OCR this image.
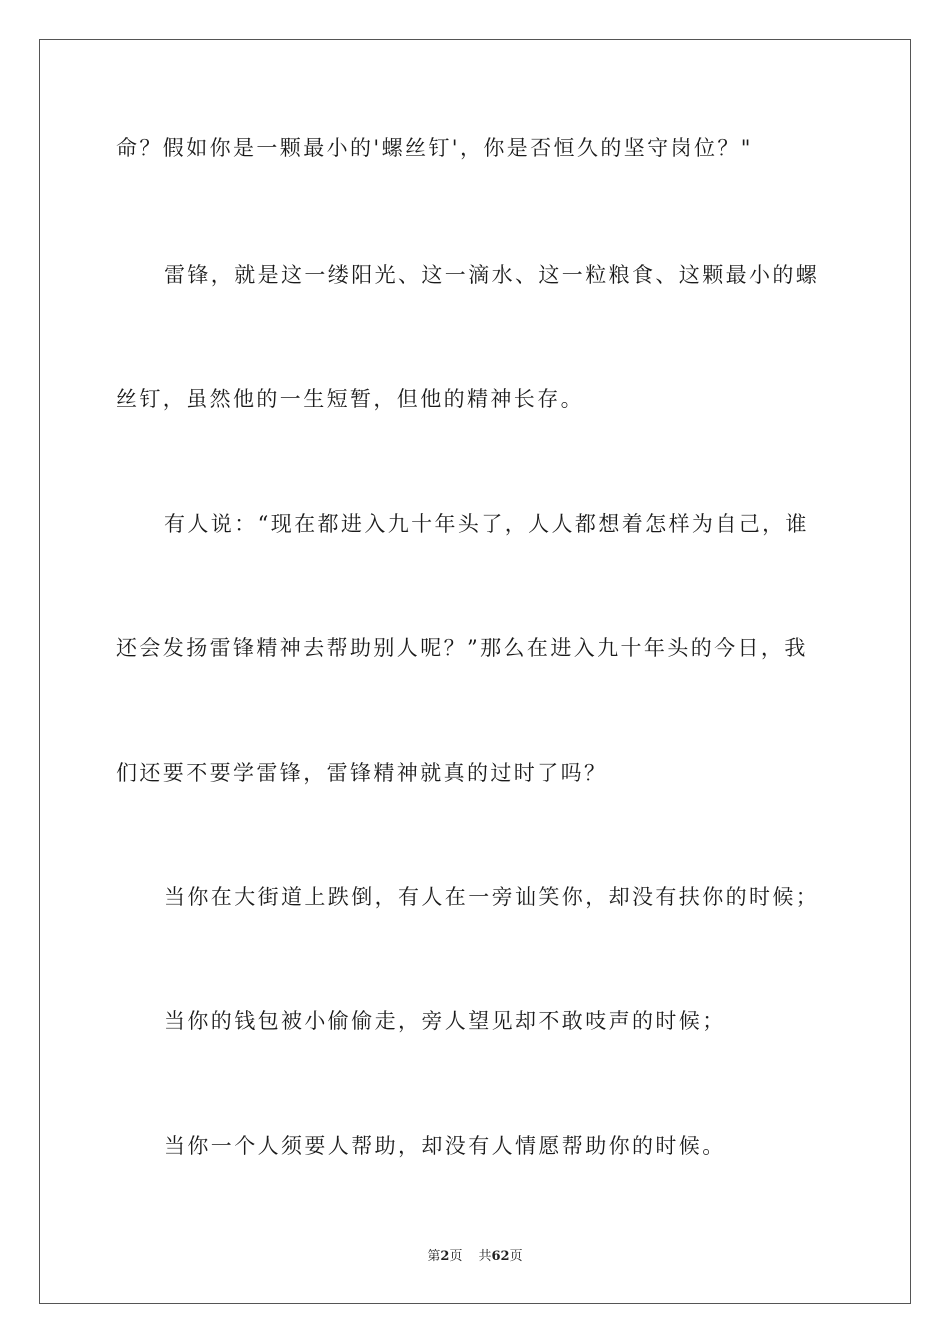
命？假如你是一颗最小的'螺丝钉'，你是否恒久的坚守岗位？"
雷锋，就是这一缕阳光、这一滴水、这一粒粮食、这颗最小的螺
丝钉，虽然他的一生短暂，但他的精神长存。
有人说：“现在都进入九十年头了，人人都想着怎样为自己，谁
还会发扬雷锋精神去帮助别人呢？”那么在进入九十年头的今日，我
们还要不要学雷锋，雷锋精神就真的过时了吗？
当你在大街道上跌倒，有人在一旁讪笑你，却没有扶你的时候；
当你的钱包被小偷偷走，旁人望见却不敢吱声的时候；
当你一个人须要人帮助，却没有人情愿帮助你的时候。
第2页 共62页
